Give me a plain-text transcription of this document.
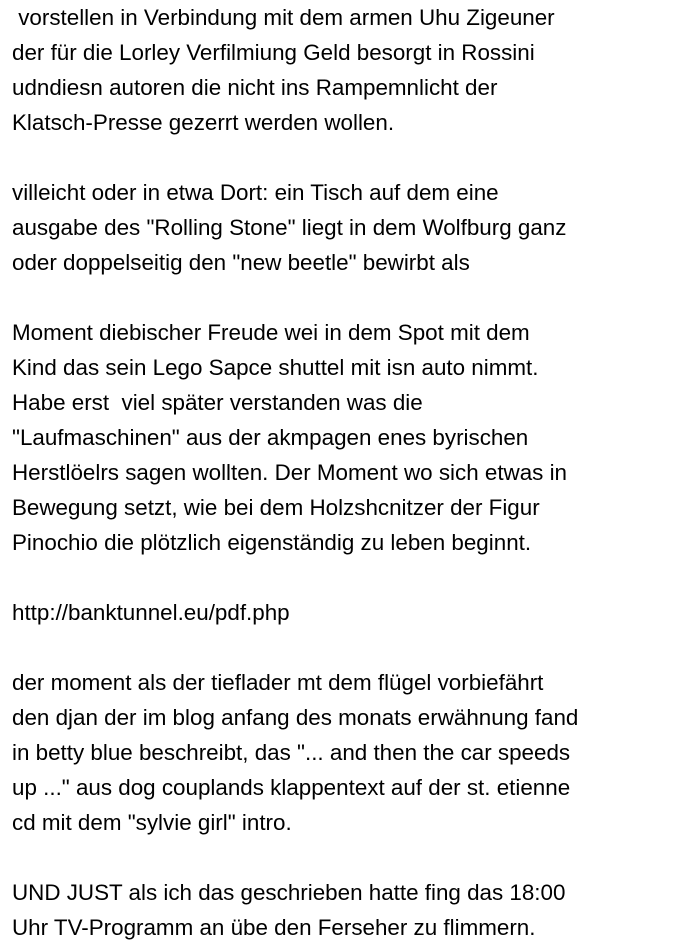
vorstellen in Verbindung mit dem armen Uhu Zigeuner
der für die Lorley Verfilmiung Geld besorgt in Rossini
udndiesn autoren die nicht ins Rampemnlicht der
Klatsch-Presse gezerrt werden wollen.
villeicht oder in etwa Dort: ein Tisch auf dem eine
ausgabe des "Rolling Stone" liegt in dem Wolfburg ganz
oder doppelseitig den "new beetle" bewirbt als
Moment diebischer Freude wei in dem Spot mit dem
Kind das sein Lego Sapce shuttel mit isn auto nimmt.
Habe erst  viel später verstanden was die
"Laufmaschinen" aus der akmpagen enes byrischen
Herstlöelrs sagen wollten. Der Moment wo sich etwas in
Bewegung setzt, wie bei dem Holzshcnitzer der Figur
Pinochio die plötzlich eigenständig zu leben beginnt.
http://banktunnel.eu/pdf.php
der moment als der tieflader mt dem flügel vorbiefährt
den djan der im blog anfang des monats erwähnung fand
in betty blue beschreibt, das "... and then the car speeds
up ..." aus dog couplands klappentext auf der st. etienne
cd mit dem "sylvie girl" intro.
UND JUST als ich das geschrieben hatte fing das 18:00
Uhr TV-Programm an übe den Ferseher zu flimmern.
